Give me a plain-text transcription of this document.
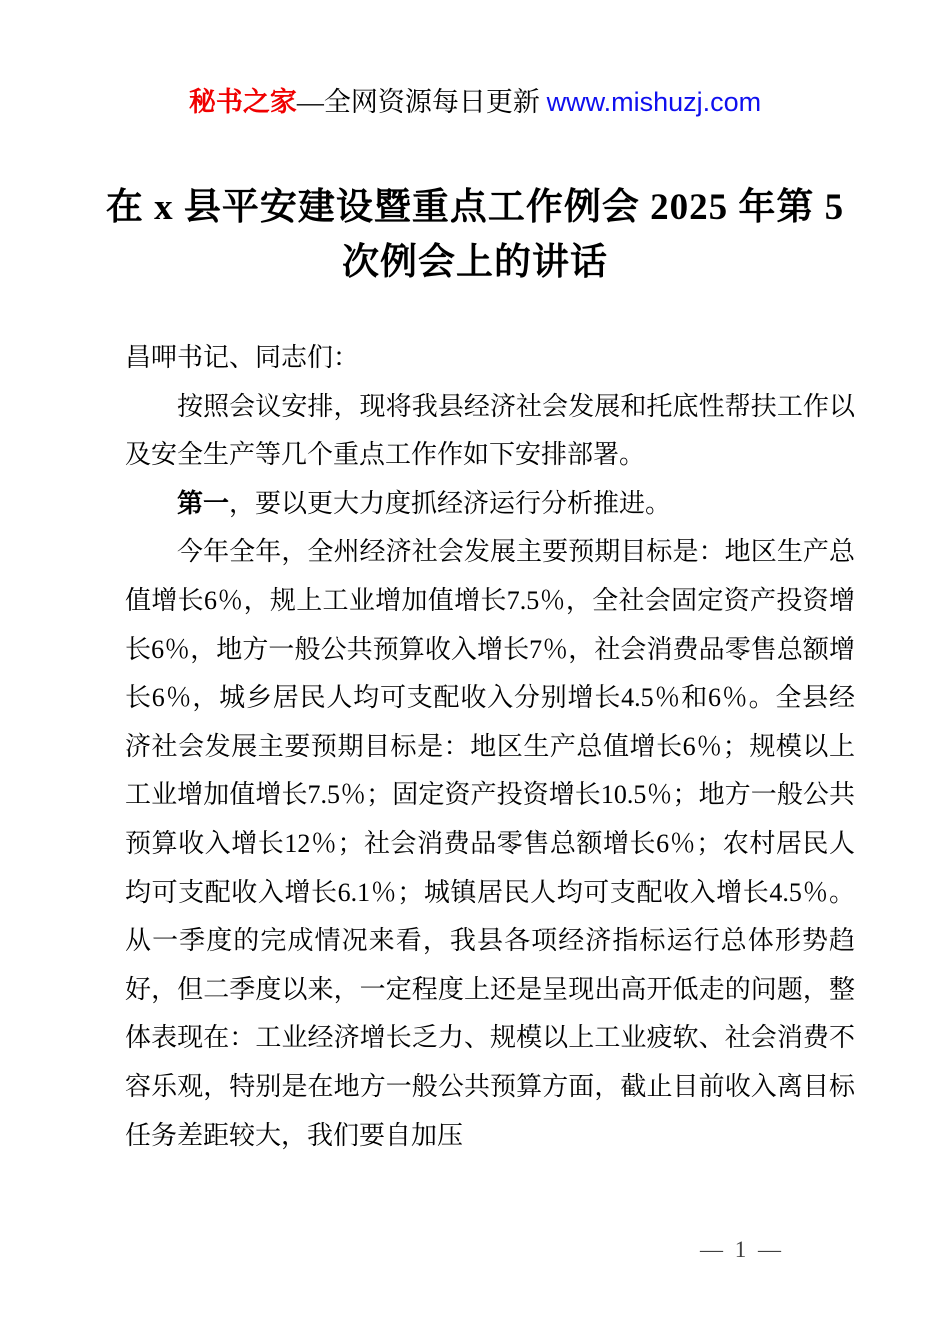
秘书之家—全网资源每日更新 www.mishuzj.com
在 x 县平安建设暨重点工作例会 2025 年第 5
次例会上的讲话

昌呷书记、同志们：

按照会议安排，现将我县经济社会发展和托底性帮扶工作以及安全生产等几个重点工作作如下安排部署。

第一，要以更大力度抓经济运行分析推进。

今年全年，全州经济社会发展主要预期目标是：地区生产总值增长6％，规上工业增加值增长7.5％，全社会固定资产投资增长6％，地方一般公共预算收入增长7％，社会消费品零售总额增长6％，城乡居民人均可支配收入分别增长4.5％和6％。全县经济社会发展主要预期目标是：地区生产总值增长6％；规模以上工业增加值增长7.5％；固定资产投资增长10.5％；地方一般公共预算收入增长12％；社会消费品零售总额增长6％；农村居民人均可支配收入增长6.1％；城镇居民人均可支配收入增长4.5％。从一季度的完成情况来看，我县各项经济指标运行总体形势趋好，但二季度以来，一定程度上还是呈现出高开低走的问题，整体表现在：工业经济增长乏力、规模以上工业疲软、社会消费不容乐观，特别是在地方一般公共预算方面，截止目前收入离目标任务差距较大，我们要自加压

— 1 —
